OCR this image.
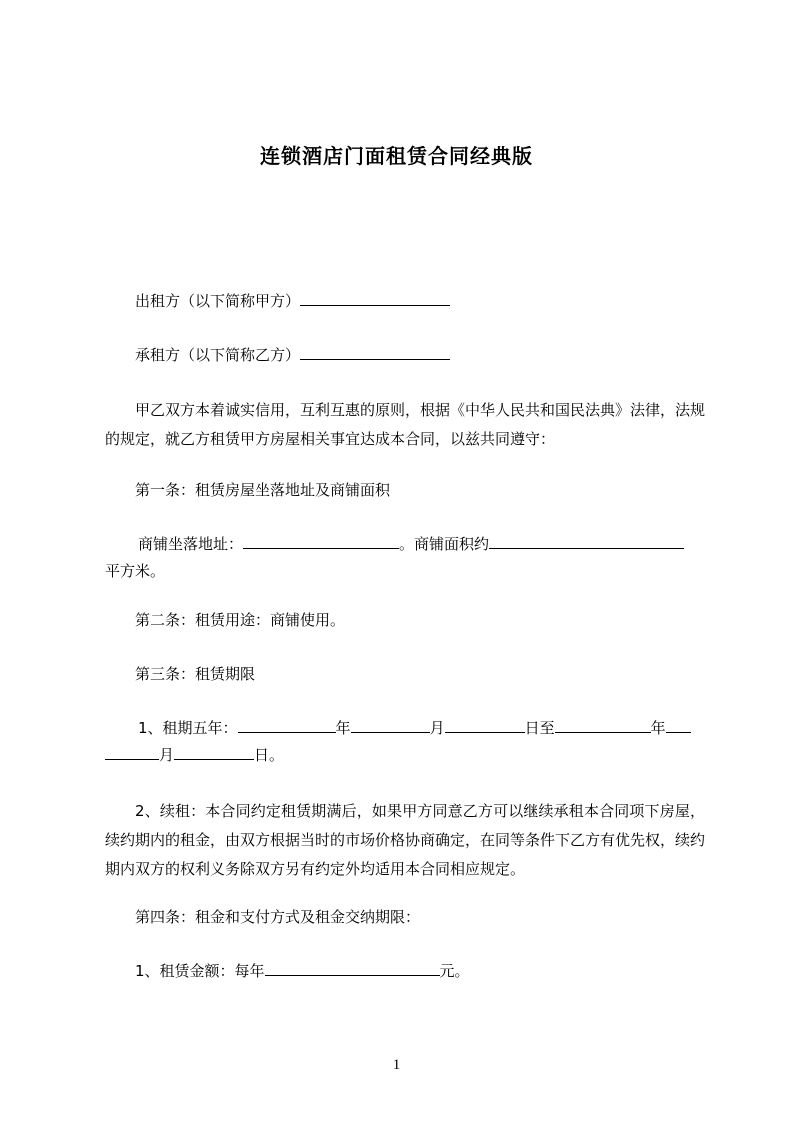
连锁酒店门面租赁合同经典版
出租方（以下简称甲方）
承租方（以下简称乙方）
甲乙双方本着诚实信用，互利互惠的原则，根据《中华人民共和国民法典》法律，法规的规定，就乙方租赁甲方房屋相关事宜达成本合同，以兹共同遵守：
第一条：租赁房屋坐落地址及商铺面积
商铺坐落地址：	。商铺面积约
平方米。
第二条：租赁用途：商铺使用。
第三条：租赁期限
1、租期五年：	年	月	日至	年
月	日。
2、续租：本合同约定租赁期满后，如果甲方同意乙方可以继续承租本合同项下房屋，续约期内的租金，由双方根据当时的市场价格协商确定，在同等条件下乙方有优先权，续约期内双方的权利义务除双方另有约定外均适用本合同相应规定。
第四条：租金和支付方式及租金交纳期限：
1、租赁金额：每年	元。
1
